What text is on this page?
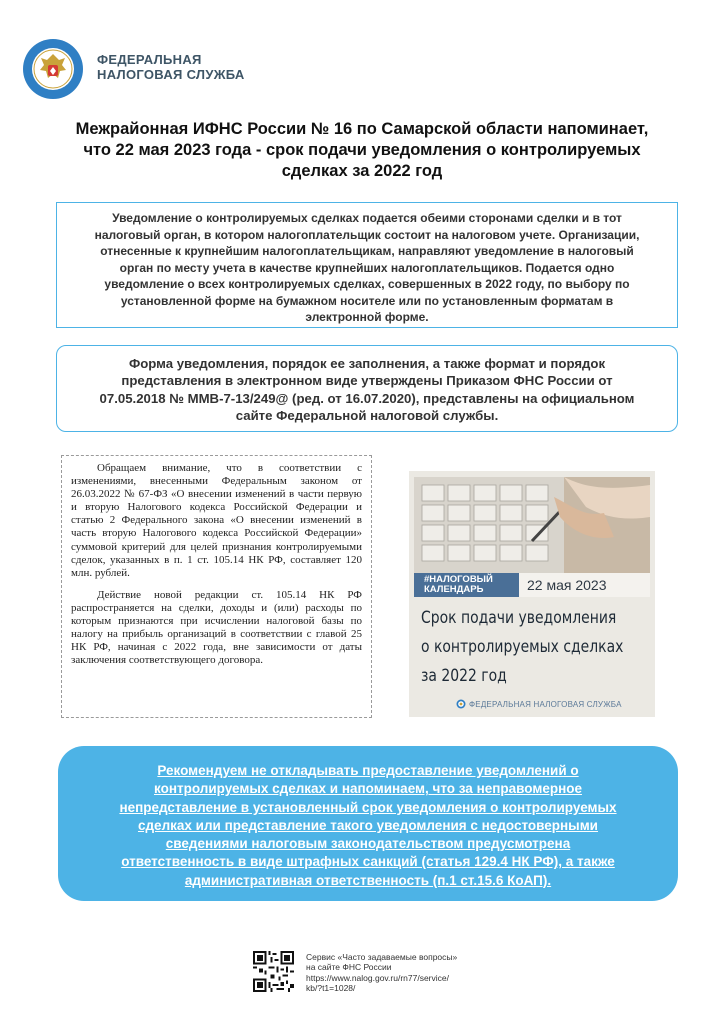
ФЕДЕРАЛЬНАЯ
НАЛОГОВАЯ СЛУЖБА
Межрайонная ИФНС России № 16 по Самарской области напоминает,
что 22 мая 2023 года - срок подачи уведомления о контролируемых
сделках за 2022 год
Уведомление о контролируемых сделках подается обеими сторонами сделки и в тот
налоговый орган, в котором налогоплательщик состоит на налоговом учете. Организации,
отнесенные к крупнейшим налогоплательщикам, направляют уведомление в налоговый
орган по месту учета в качестве крупнейших налогоплательщиков. Подается одно
уведомление о всех контролируемых сделках, совершенных в 2022 году, по выбору по
установленной форме на бумажном носителе или по установленным форматам в
электронной форме.
Форма уведомления, порядок ее заполнения, а также формат и порядок
представления в электронном виде утверждены Приказом ФНС России от
07.05.2018 № ММВ-7-13/249@ (ред. от 16.07.2020), представлены на официальном
сайте Федеральной налоговой службы.

Обращаем внимание, что в соответствии с изменениями, внесенными Федеральным законом от 26.03.2022 № 67-ФЗ «О внесении изменений в части первую и вторую Налогового кодекса Российской Федерации и статью 2 Федерального закона «О внесении изменений в часть вторую Налогового кодекса Российской Федерации» суммовой критерий для целей признания контролируемыми сделок, указанных в п. 1 ст. 105.14 НК РФ, составляет 120 млн. рублей.

Действие новой редакции ст. 105.14 НК РФ распространяется на сделки, доходы и (или) расходы по которым признаются при исчислении налоговой базы по налогу на прибыль организаций в соответствии с главой 25 НК РФ, начиная с 2022 года, вне зависимости от даты заключения соответствующего договора.

#НАЛОГОВЫЙ
КАЛЕНДАРЬ	22 мая 2023
Срок подачи уведомления
о контролируемых сделках
за 2022 год
ФЕДЕРАЛЬНАЯ НАЛОГОВАЯ СЛУЖБА
Рекомендуем не откладывать предоставление уведомлений о
контролируемых сделках и напоминаем, что за неправомерное
непредставление в установленный срок уведомления о контролируемых
сделках или представление такого уведомления с недостоверными
сведениями налоговым законодательством предусмотрена
ответственность в виде штрафных санкций (статья 129.4 НК РФ), а также
административная ответственность (п.1 ст.15.6 КоАП).
Сервис «Часто задаваемые вопросы»
на сайте ФНС России
https://www.nalog.gov.ru/rn77/service/
kb/?t1=1028/
